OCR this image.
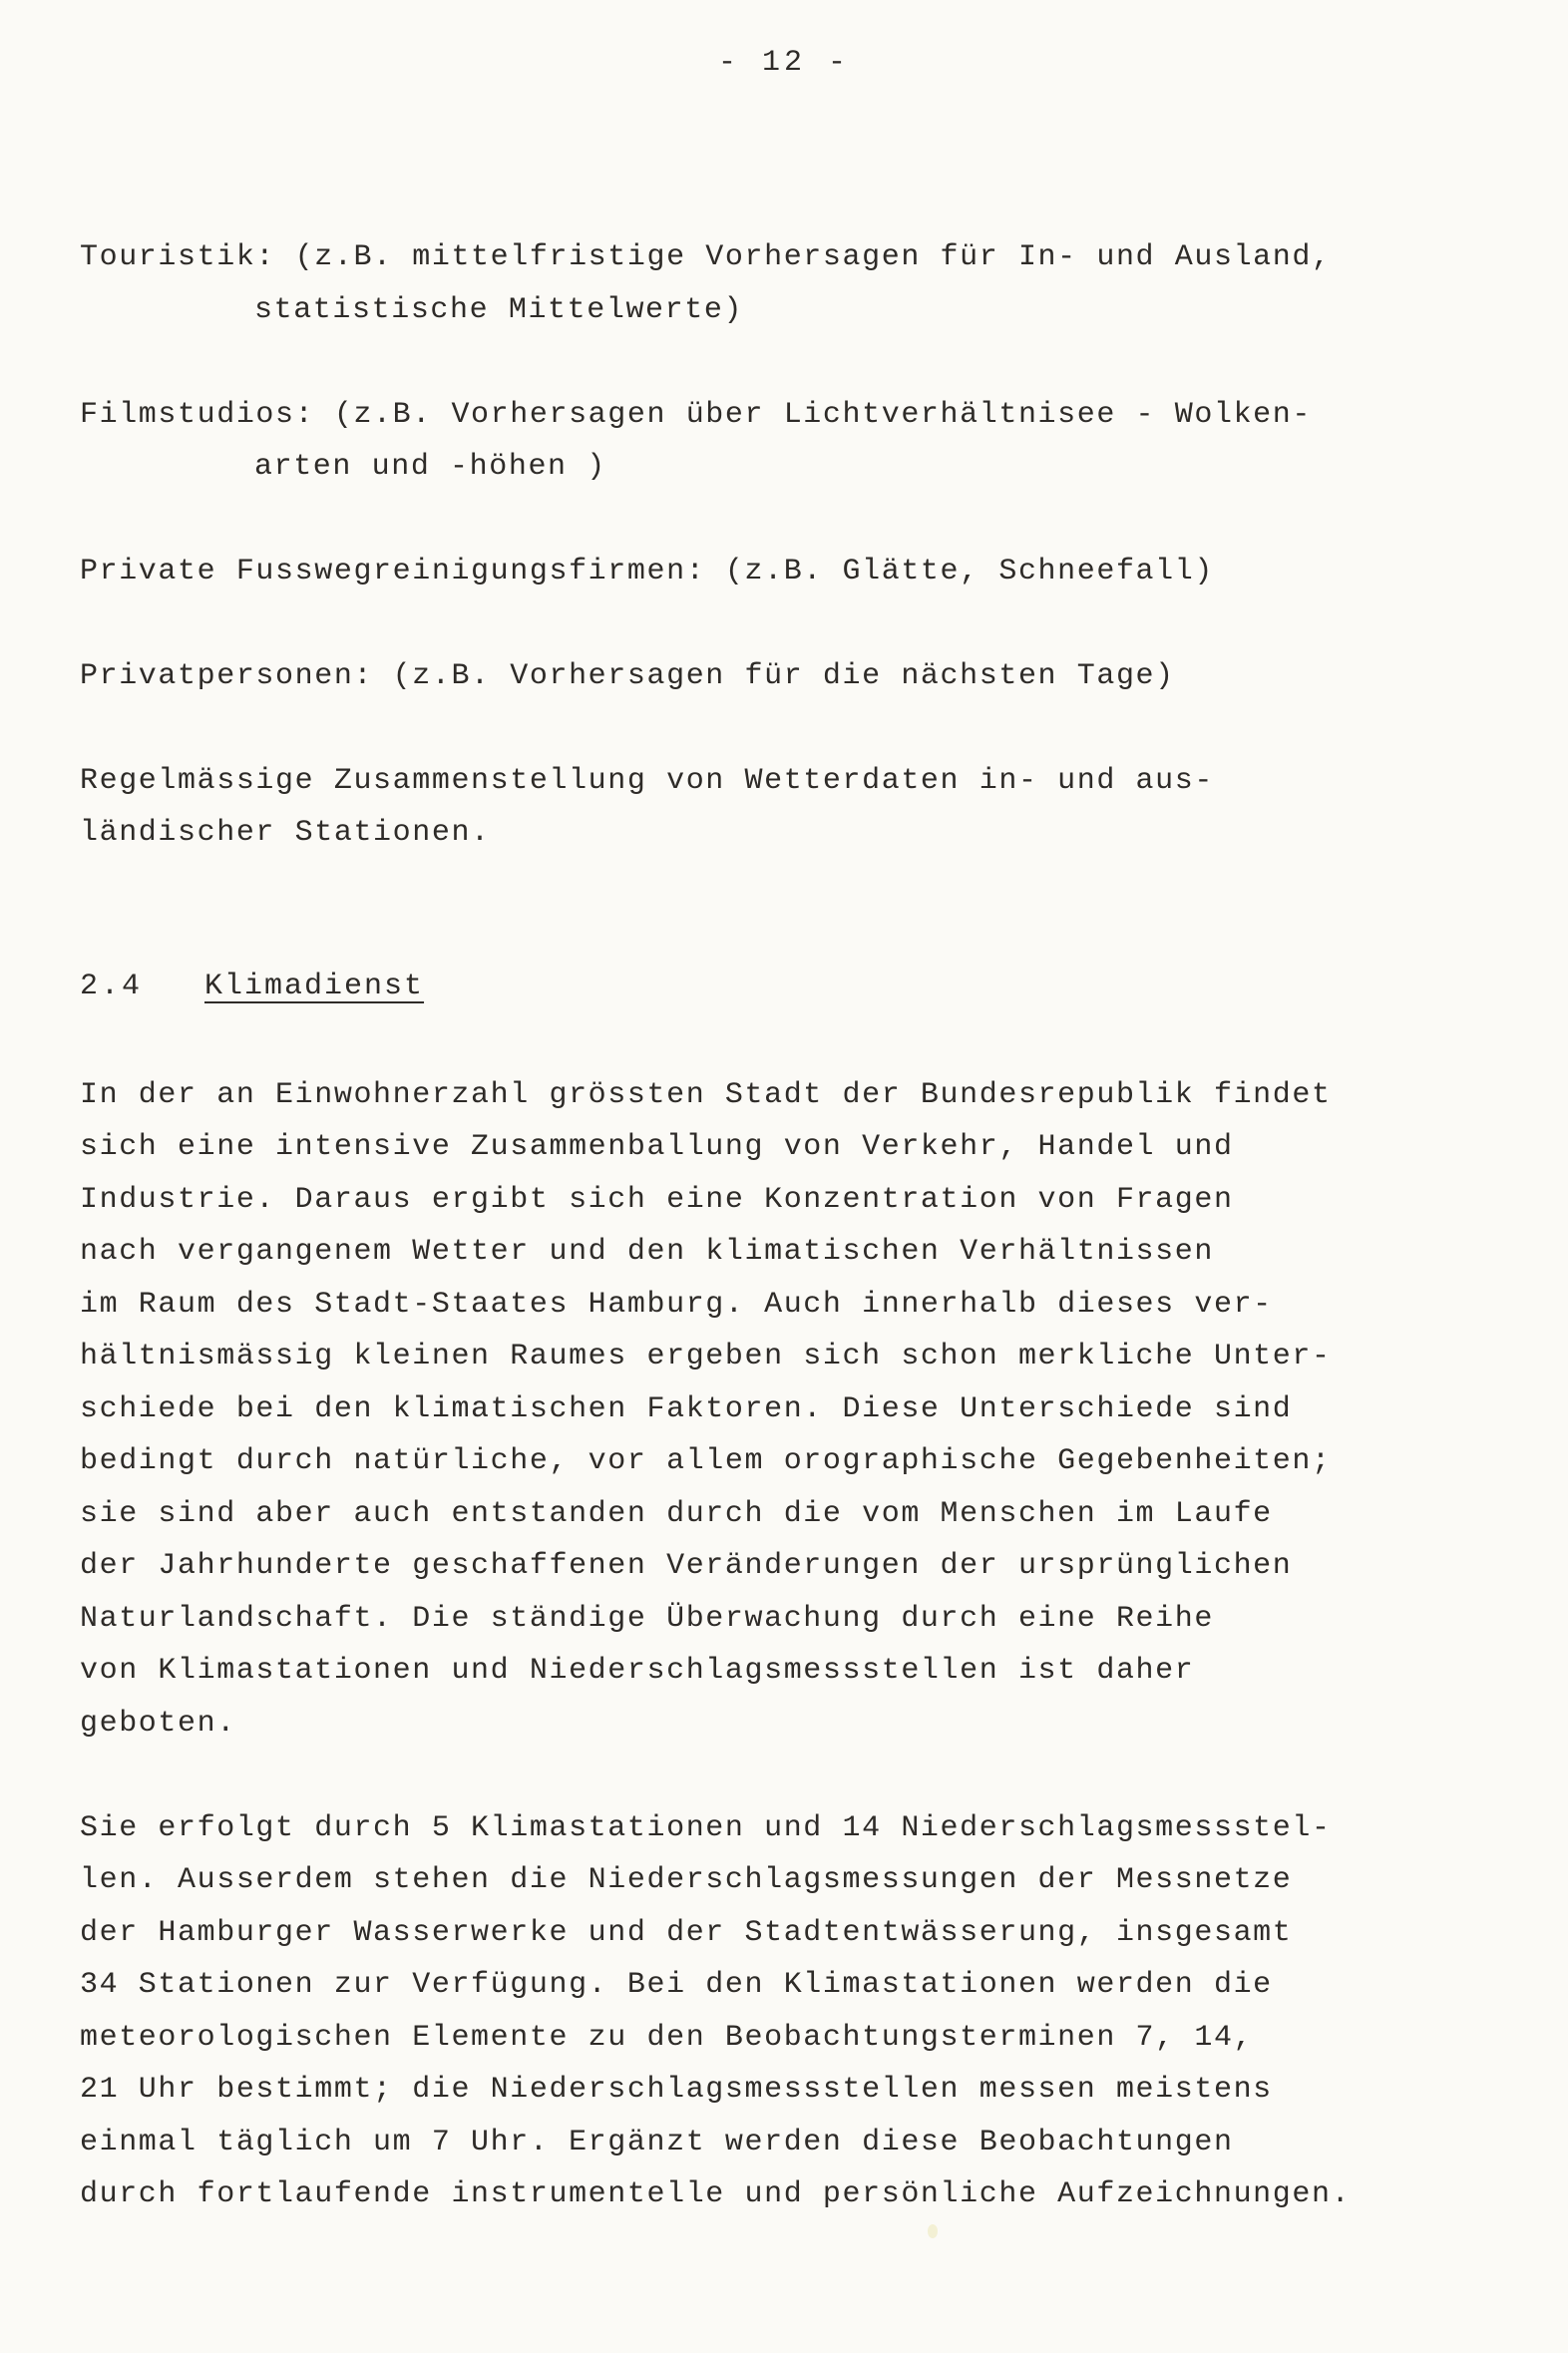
- 12 -
Touristik: (z.B. mittelfristige Vorhersagen für In- und Ausland,
statistische Mittelwerte)
Filmstudios: (z.B. Vorhersagen über Lichtverhältnisee - Wolken-
arten und -höhen )
Private Fusswegreinigungsfirmen: (z.B. Glätte, Schneefall)
Privatpersonen: (z.B. Vorhersagen für die nächsten Tage)
Regelmässige Zusammenstellung von Wetterdaten in- und aus-
ländischer Stationen.
2.4 Klimadienst
In der an Einwohnerzahl grössten Stadt der Bundesrepublik findet
sich eine intensive Zusammenballung von Verkehr, Handel und
Industrie. Daraus ergibt sich eine Konzentration von Fragen
nach vergangenem Wetter und den klimatischen Verhältnissen
im Raum des Stadt-Staates Hamburg. Auch innerhalb dieses ver-
hältnismässig kleinen Raumes ergeben sich schon merkliche Unter-
schiede bei den klimatischen Faktoren. Diese Unterschiede sind
bedingt durch natürliche, vor allem orographische Gegebenheiten;
sie sind aber auch entstanden durch die vom Menschen im Laufe
der Jahrhunderte geschaffenen Veränderungen der ursprünglichen
Naturlandschaft. Die ständige Überwachung durch eine Reihe
von Klimastationen und Niederschlagsmessstellen ist daher
geboten.
Sie erfolgt durch 5 Klimastationen und 14 Niederschlagsmessstel-
len. Ausserdem stehen die Niederschlagsmessungen der Messnetze
der Hamburger Wasserwerke und der Stadtentwässerung, insgesamt
34 Stationen zur Verfügung. Bei den Klimastationen werden die
meteorologischen Elemente zu den Beobachtungsterminen 7, 14,
21 Uhr bestimmt; die Niederschlagsmessstellen messen meistens
einmal täglich um 7 Uhr. Ergänzt werden diese Beobachtungen
durch fortlaufende instrumentelle und persönliche Aufzeichnungen.
